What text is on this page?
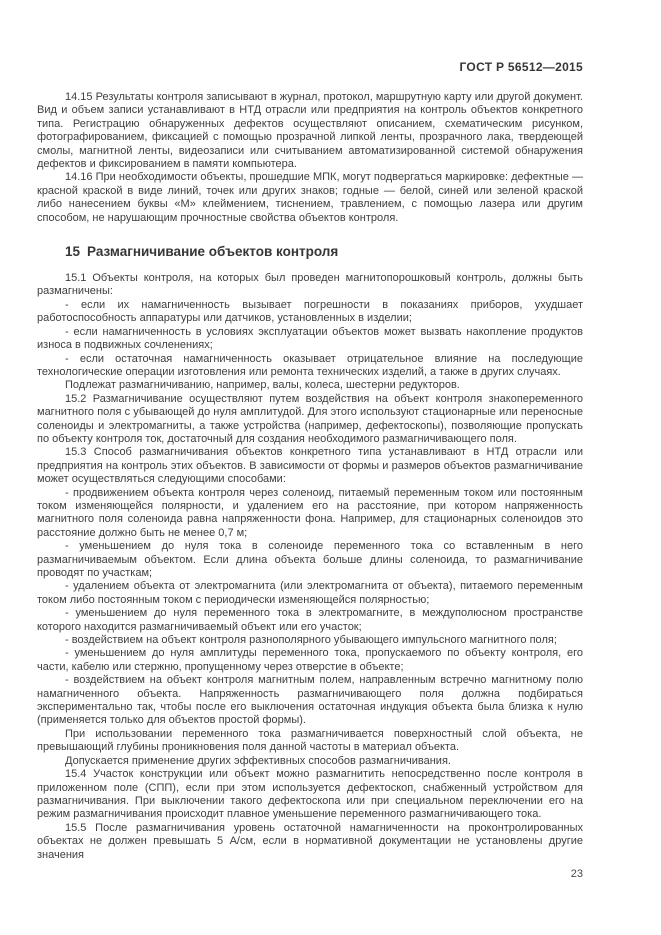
ГОСТ Р 56512—2015

14.15 Результаты контроля записывают в журнал, протокол, маршрутную карту или другой документ. Вид и объем записи устанавливают в НТД отрасли или предприятия на контроль объектов конкретного типа. Регистрацию обнаруженных дефектов осуществляют описанием, схематическим рисунком, фотографированием, фиксацией с помощью прозрачной липкой ленты, прозрачного лака, твердеющей смолы, магнитной ленты, видеозаписи или считыванием автоматизированной системой обнаружения дефектов и фиксированием в памяти компьютера.

14.16 При необходимости объекты, прошедшие МПК, могут подвергаться маркировке: дефектные — красной краской в виде линий, точек или других знаков; годные — белой, синей или зеленой краской либо нанесением буквы «М» клеймением, тиснением, травлением, с помощью лазера или другим способом, не нарушающим прочностные свойства объектов контроля.

15 Размагничивание объектов контроля

15.1 Объекты контроля, на которых был проведен магнитопорошковый контроль, должны быть размагничены:

- если их намагниченность вызывает погрешности в показаниях приборов, ухудшает работоспособность аппаратуры или датчиков, установленных в изделии;

- если намагниченность в условиях эксплуатации объектов может вызвать накопление продуктов износа в подвижных сочленениях;

- если остаточная намагниченность оказывает отрицательное влияние на последующие технологические операции изготовления или ремонта технических изделий, а также в других случаях.

Подлежат размагничиванию, например, валы, колеса, шестерни редукторов.

15.2 Размагничивание осуществляют путем воздействия на объект контроля знакопеременного магнитного поля с убывающей до нуля амплитудой. Для этого используют стационарные или переносные соленоиды и электромагниты, а также устройства (например, дефектоскопы), позволяющие пропускать по объекту контроля ток, достаточный для создания необходимого размагничивающего поля.

15.3 Способ размагничивания объектов конкретного типа устанавливают в НТД отрасли или предприятия на контроль этих объектов. В зависимости от формы и размеров объектов размагничивание может осуществляться следующими способами:

- продвижением объекта контроля через соленоид, питаемый переменным током или постоянным током изменяющейся полярности, и удалением его на расстояние, при котором напряженность магнитного поля соленоида равна напряженности фона. Например, для стационарных соленоидов это расстояние должно быть не менее 0,7 м;

- уменьшением до нуля тока в соленоиде переменного тока со вставленным в него размагничиваемым объектом. Если длина объекта больше длины соленоида, то размагничивание проводят по участкам;

- удалением объекта от электромагнита (или электромагнита от объекта), питаемого переменным током либо постоянным током с периодически изменяющейся полярностью;

- уменьшением до нуля переменного тока в электромагните, в междуполюсном пространстве которого находится размагничиваемый объект или его участок;

- воздействием на объект контроля разнополярного убывающего импульсного магнитного поля;

- уменьшением до нуля амплитуды переменного тока, пропускаемого по объекту контроля, его части, кабелю или стержню, пропущенному через отверстие в объекте;

- воздействием на объект контроля магнитным полем, направленным встречно магнитному полю намагниченного объекта. Напряженность размагничивающего поля должна подбираться экспериментально так, чтобы после его выключения остаточная индукция объекта была близка к нулю (применяется только для объектов простой формы).

При использовании переменного тока размагничивается поверхностный слой объекта, не превышающий глубины проникновения поля данной частоты в материал объекта.

Допускается применение других эффективных способов размагничивания.

15.4 Участок конструкции или объект можно размагнитить непосредственно после контроля в приложенном поле (СПП), если при этом используется дефектоскоп, снабженный устройством для размагничивания. При выключении такого дефектоскопа или при специальном переключении его на режим размагничивания происходит плавное уменьшение переменного размагничивающего тока.

15.5 После размагничивания уровень остаточной намагниченности на проконтролированных объектах не должен превышать 5 А/см, если в нормативной документации не установлены другие значения

23
